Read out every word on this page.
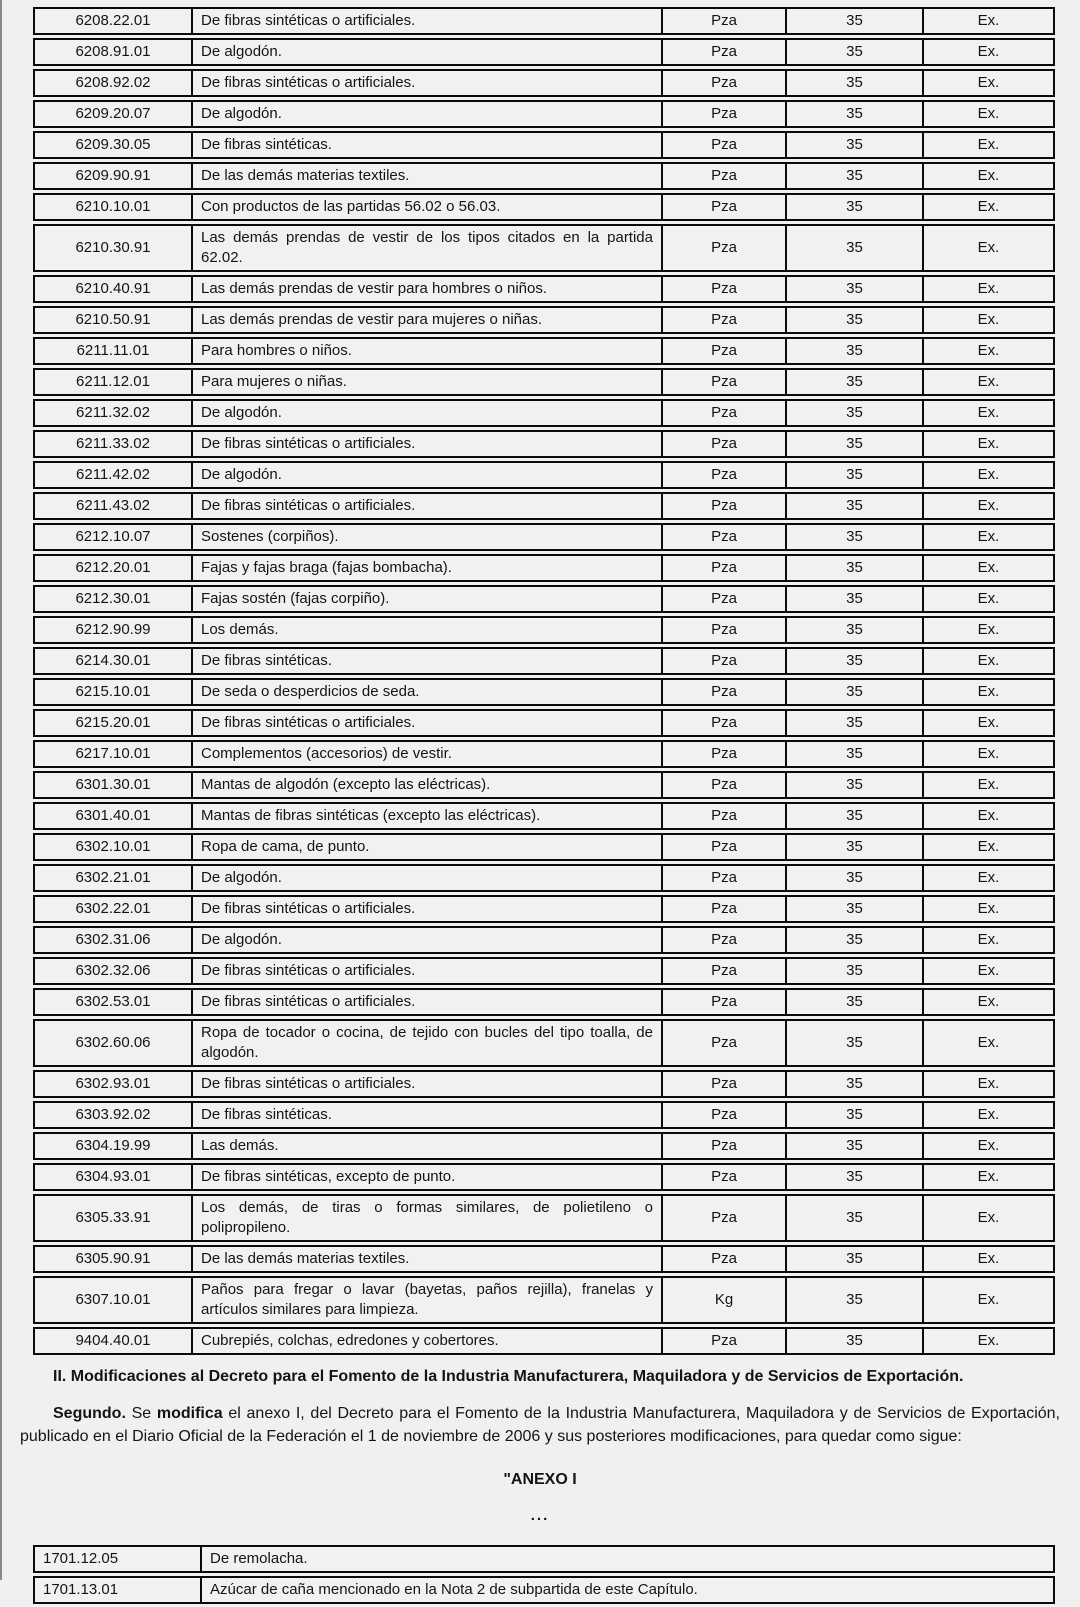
6208.22.01	De fibras sintéticas o artificiales.	Pza	35	Ex.
6208.91.01	De algodón.	Pza	35	Ex.
6208.92.02	De fibras sintéticas o artificiales.	Pza	35	Ex.
6209.20.07	De algodón.	Pza	35	Ex.
6209.30.05	De fibras sintéticas.	Pza	35	Ex.
6209.90.91	De las demás materias textiles.	Pza	35	Ex.
6210.10.01	Con productos de las partidas 56.02 o 56.03.	Pza	35	Ex.
6210.30.91	Las demás prendas de vestir de los tipos citados en la partida 62.02.	Pza	35	Ex.
6210.40.91	Las demás prendas de vestir para hombres o niños.	Pza	35	Ex.
6210.50.91	Las demás prendas de vestir para mujeres o niñas.	Pza	35	Ex.
6211.11.01	Para hombres o niños.	Pza	35	Ex.
6211.12.01	Para mujeres o niñas.	Pza	35	Ex.
6211.32.02	De algodón.	Pza	35	Ex.
6211.33.02	De fibras sintéticas o artificiales.	Pza	35	Ex.
6211.42.02	De algodón.	Pza	35	Ex.
6211.43.02	De fibras sintéticas o artificiales.	Pza	35	Ex.
6212.10.07	Sostenes (corpiños).	Pza	35	Ex.
6212.20.01	Fajas y fajas braga (fajas bombacha).	Pza	35	Ex.
6212.30.01	Fajas sostén (fajas corpiño).	Pza	35	Ex.
6212.90.99	Los demás.	Pza	35	Ex.
6214.30.01	De fibras sintéticas.	Pza	35	Ex.
6215.10.01	De seda o desperdicios de seda.	Pza	35	Ex.
6215.20.01	De fibras sintéticas o artificiales.	Pza	35	Ex.
6217.10.01	Complementos (accesorios) de vestir.	Pza	35	Ex.
6301.30.01	Mantas de algodón (excepto las eléctricas).	Pza	35	Ex.
6301.40.01	Mantas de fibras sintéticas (excepto las eléctricas).	Pza	35	Ex.
6302.10.01	Ropa de cama, de punto.	Pza	35	Ex.
6302.21.01	De algodón.	Pza	35	Ex.
6302.22.01	De fibras sintéticas o artificiales.	Pza	35	Ex.
6302.31.06	De algodón.	Pza	35	Ex.
6302.32.06	De fibras sintéticas o artificiales.	Pza	35	Ex.
6302.53.01	De fibras sintéticas o artificiales.	Pza	35	Ex.
6302.60.06	Ropa de tocador o cocina, de tejido con bucles del tipo toalla, de algodón.	Pza	35	Ex.
6302.93.01	De fibras sintéticas o artificiales.	Pza	35	Ex.
6303.92.02	De fibras sintéticas.	Pza	35	Ex.
6304.19.99	Las demás.	Pza	35	Ex.
6304.93.01	De fibras sintéticas, excepto de punto.	Pza	35	Ex.
6305.33.91	Los demás, de tiras o formas similares, de polietileno o polipropileno.	Pza	35	Ex.
6305.90.91	De las demás materias textiles.	Pza	35	Ex.
6307.10.01	Paños para fregar o lavar (bayetas, paños rejilla), franelas y artículos similares para limpieza.	Kg	35	Ex.
9404.40.01	Cubrepiés, colchas, edredones y cobertores.	Pza	35	Ex.

II. Modificaciones al Decreto para el Fomento de la Industria Manufacturera, Maquiladora y de Servicios de Exportación.

Segundo. Se modifica el anexo I, del Decreto para el Fomento de la Industria Manufacturera, Maquiladora y de Servicios de Exportación, publicado en el Diario Oficial de la Federación el 1 de noviembre de 2006 y sus posteriores modificaciones, para quedar como sigue:

"ANEXO I

...

1701.12.05	De remolacha.
1701.13.01	Azúcar de caña mencionado en la Nota 2 de subpartida de este Capítulo.
